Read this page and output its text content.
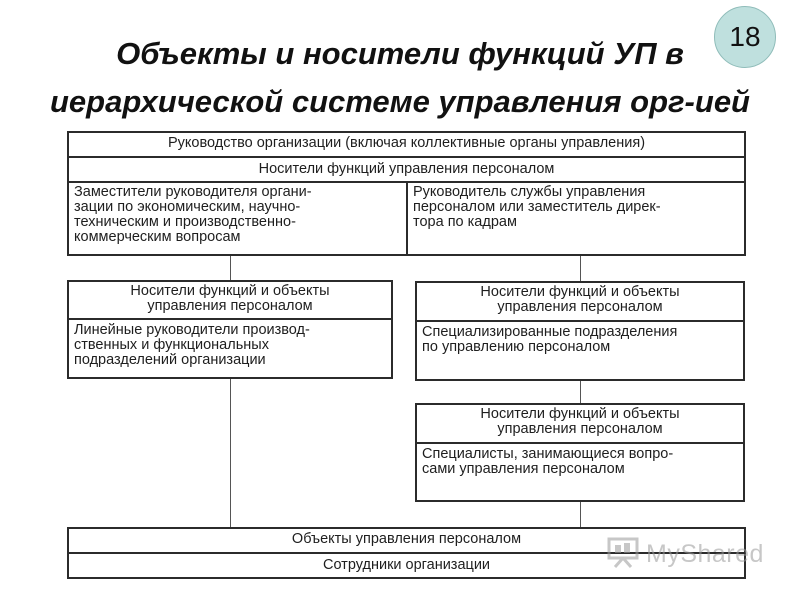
18
Объекты и носители функций УП в
иерархической системе управления орг-ией
Руководство организации (включая коллективные органы управления)
Носители функций управления персоналом
Заместители руководителя органи-
зации по экономическим, научно-
техническим и производственно-
коммерческим вопросам
Руководитель службы управления
персоналом или заместитель дирек-
тора по кадрам
Носители функций и объекты
управления персоналом
Линейные руководители производ-
ственных и функциональных
подразделений организации
Носители функций и объекты
управления персоналом
Специализированные подразделения
по управлению персоналом
Носители функций и объекты
управления персоналом
Специалисты, занимающиеся вопро-
сами управления персоналом
Объекты управления персоналом
Сотрудники организации	MyShared
